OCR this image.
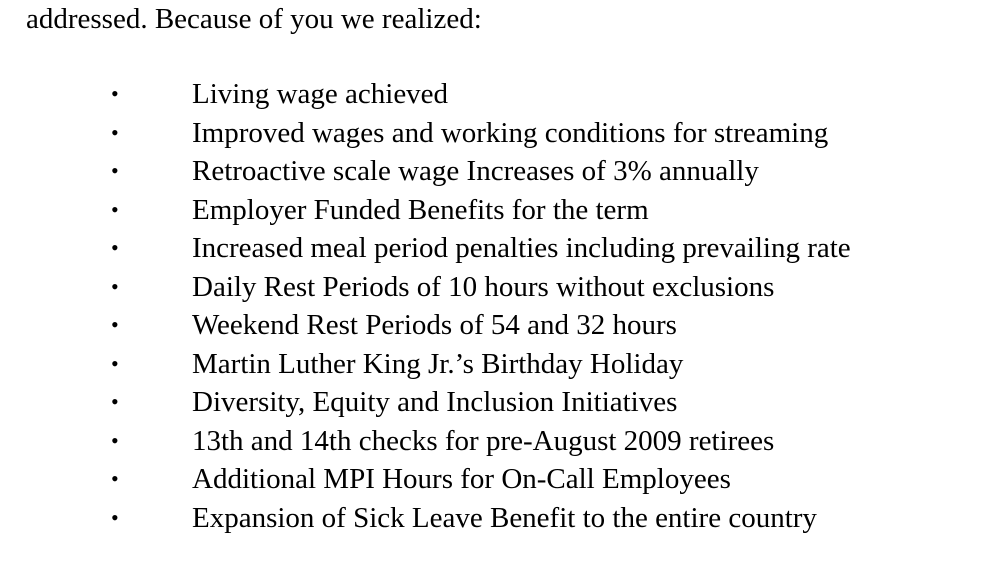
addressed. Because of you we realized:
•	Living wage achieved
•	Improved wages and working conditions for streaming
•	Retroactive scale wage Increases of 3% annually
•	Employer Funded Benefits for the term
•	Increased meal period penalties including prevailing rate
•	Daily Rest Periods of 10 hours without exclusions
•	Weekend Rest Periods of 54 and 32 hours
•	Martin Luther King Jr.’s Birthday Holiday
•	Diversity, Equity and Inclusion Initiatives
•	13th and 14th checks for pre-August 2009 retirees
•	Additional MPI Hours for On-Call Employees
•	Expansion of Sick Leave Benefit to the entire country
